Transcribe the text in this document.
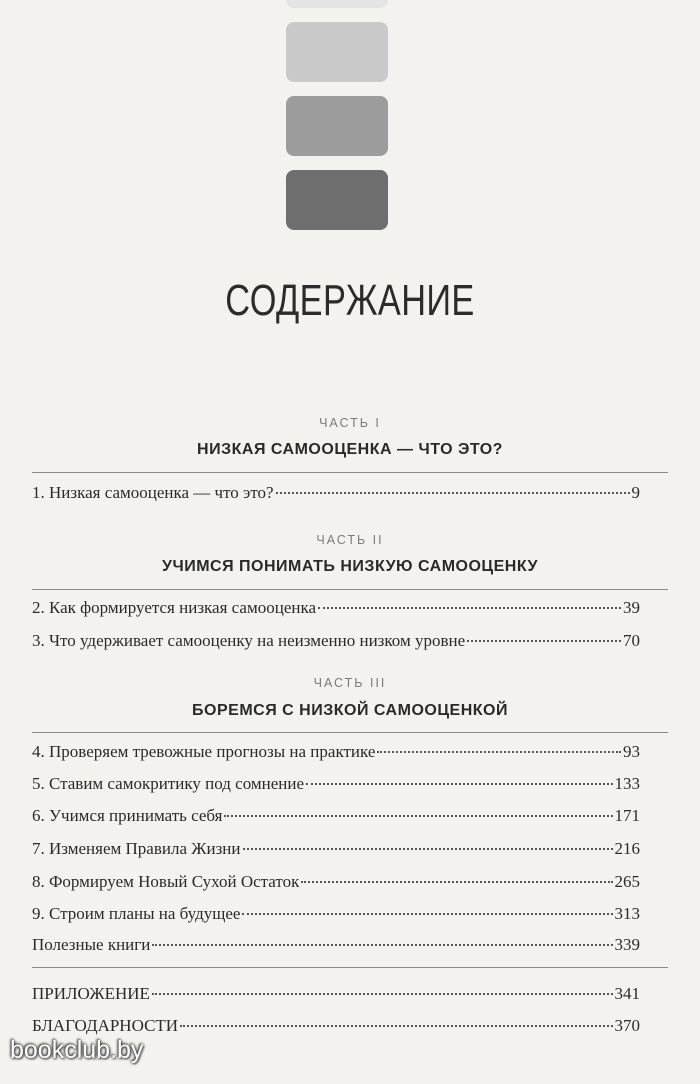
СОДЕРЖАНИЕ
ЧАСТЬ I
НИЗКАЯ САМООЦЕНКА — ЧТО ЭТО?
1. Низкая самооценка — что это?	9
ЧАСТЬ II
УЧИМСЯ ПОНИМАТЬ НИЗКУЮ САМООЦЕНКУ
2. Как формируется низкая самооценка	39
3. Что удерживает самооценку на неизменно низком уровне	70
ЧАСТЬ III
БОРЕМСЯ С НИЗКОЙ САМООЦЕНКОЙ
4. Проверяем тревожные прогнозы на практике	93
5. Ставим самокритику под сомнение	133
6. Учимся принимать себя	171
7. Изменяем Правила Жизни	216
8. Формируем Новый Сухой Остаток	265
9. Строим планы на будущее	313
Полезные книги	339
ПРИЛОЖЕНИЕ	341
БЛАГОДАРНОСТИ	370
bookclub.by
